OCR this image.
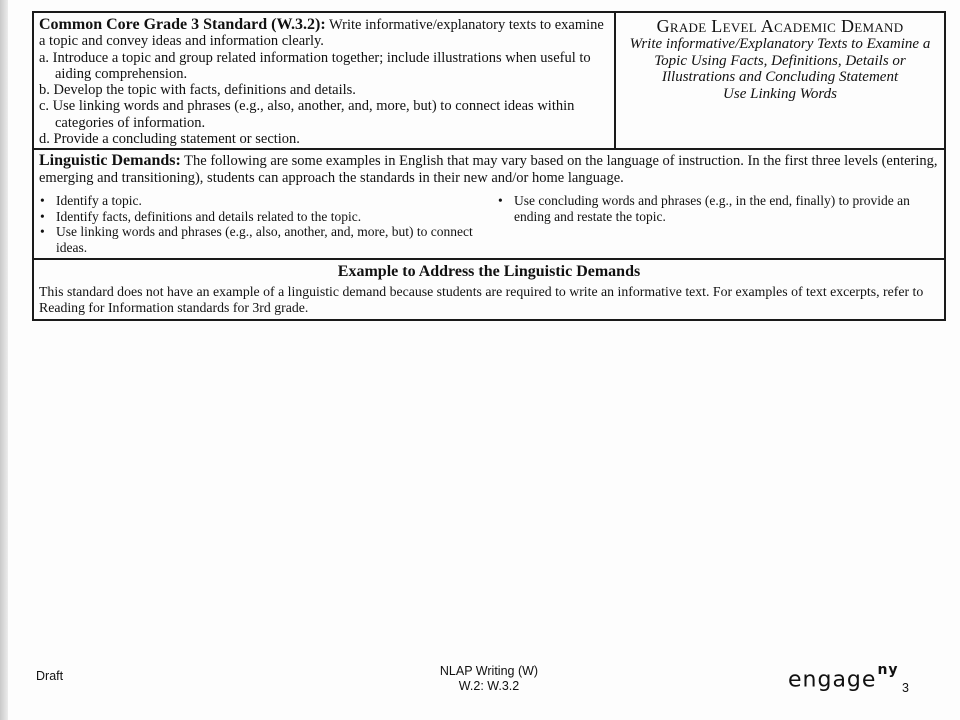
Common Core Grade 3 Standard (W.3.2): Write informative/explanatory texts to examine a topic and convey ideas and information clearly.
a. Introduce a topic and group related information together; include illustrations when useful to aiding comprehension.
b. Develop the topic with facts, definitions and details.
c. Use linking words and phrases (e.g., also, another, and, more, but) to connect ideas within categories of information.
d. Provide a concluding statement or section.
Grade Level Academic Demand
Write informative/Explanatory Texts to Examine a Topic Using Facts, Definitions, Details or Illustrations and Concluding Statement
Use Linking Words
Linguistic Demands: The following are some examples in English that may vary based on the language of instruction. In the first three levels (entering, emerging and transitioning), students can approach the standards in their new and/or home language.
• Identify a topic.
• Identify facts, definitions and details related to the topic.
• Use linking words and phrases (e.g., also, another, and, more, but) to connect ideas.
• Use concluding words and phrases (e.g., in the end, finally) to provide an ending and restate the topic.
Example to Address the Linguistic Demands
This standard does not have an example of a linguistic demand because students are required to write an informative text. For examples of text excerpts, refer to Reading for Information standards for 3rd grade.
Draft	NLAP Writing (W)
W.2: W.3.2	engage$^{ny}$
3
